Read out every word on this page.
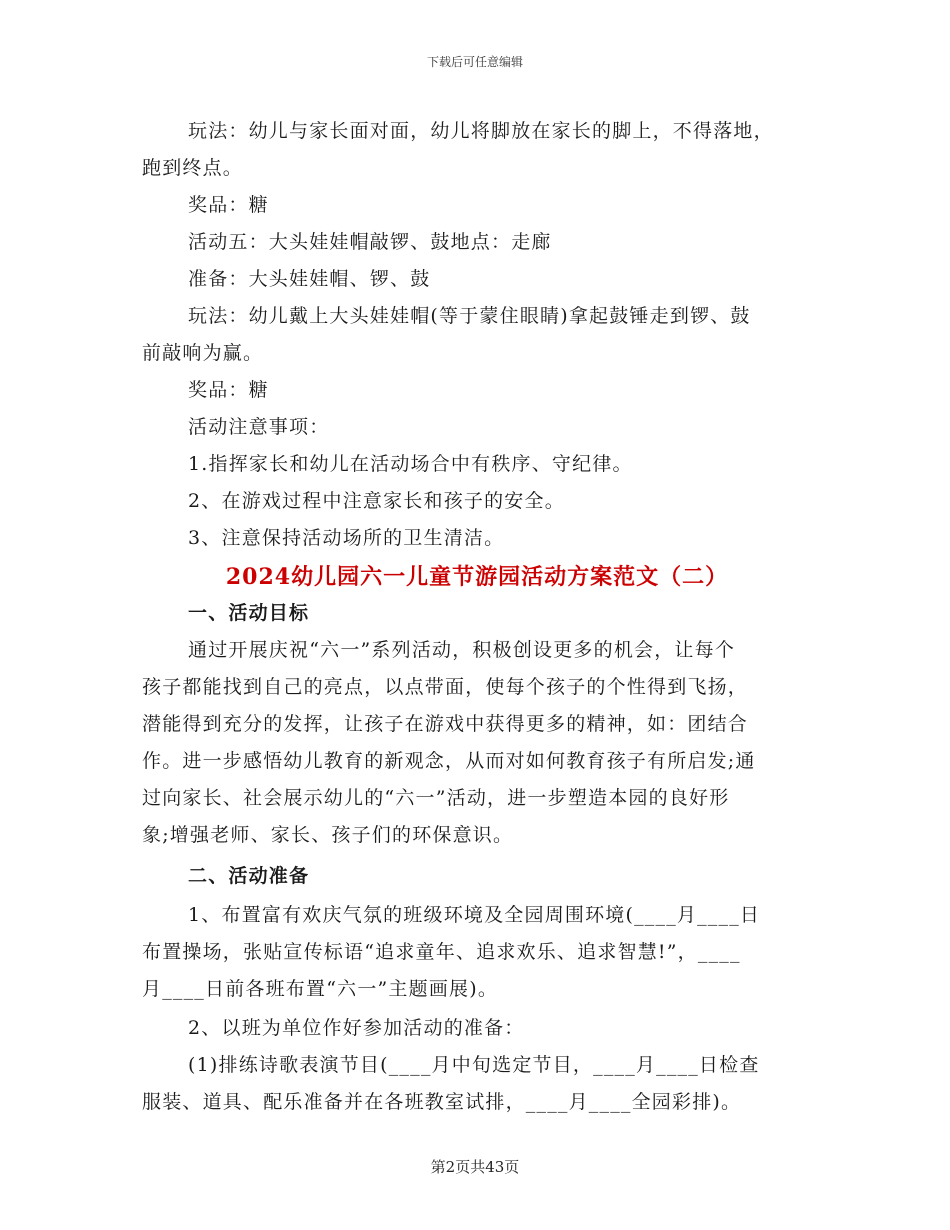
下载后可任意编辑
玩法：幼儿与家长面对面，幼儿将脚放在家长的脚上，不得落地，
跑到终点。
奖品：糖
活动五：大头娃娃帽敲锣、鼓地点：走廊
准备：大头娃娃帽、锣、鼓
玩法：幼儿戴上大头娃娃帽(等于蒙住眼睛)拿起鼓锤走到锣、鼓
前敲响为赢。
奖品：糖
活动注意事项：
1.指挥家长和幼儿在活动场合中有秩序、守纪律。
2、在游戏过程中注意家长和孩子的安全。
3、注意保持活动场所的卫生清洁。
2024幼儿园六一儿童节游园活动方案范文（二）
一、活动目标
通过开展庆祝“六一”系列活动，积极创设更多的机会，让每个
孩子都能找到自己的亮点，以点带面，使每个孩子的个性得到飞扬，
潜能得到充分的发挥，让孩子在游戏中获得更多的精神，如：团结合
作。进一步感悟幼儿教育的新观念，从而对如何教育孩子有所启发;通
过向家长、社会展示幼儿的“六一”活动，进一步塑造本园的良好形
象;增强老师、家长、孩子们的环保意识。
二、活动准备
1、布置富有欢庆气氛的班级环境及全园周围环境(____月____日
布置操场，张贴宣传标语“追求童年、追求欢乐、追求智慧!”，____
月____日前各班布置“六一”主题画展)。
2、以班为单位作好参加活动的准备：
(1)排练诗歌表演节目(____月中旬选定节目，____月____日检查
服装、道具、配乐准备并在各班教室试排，____月____全园彩排)。
第2页共43页
